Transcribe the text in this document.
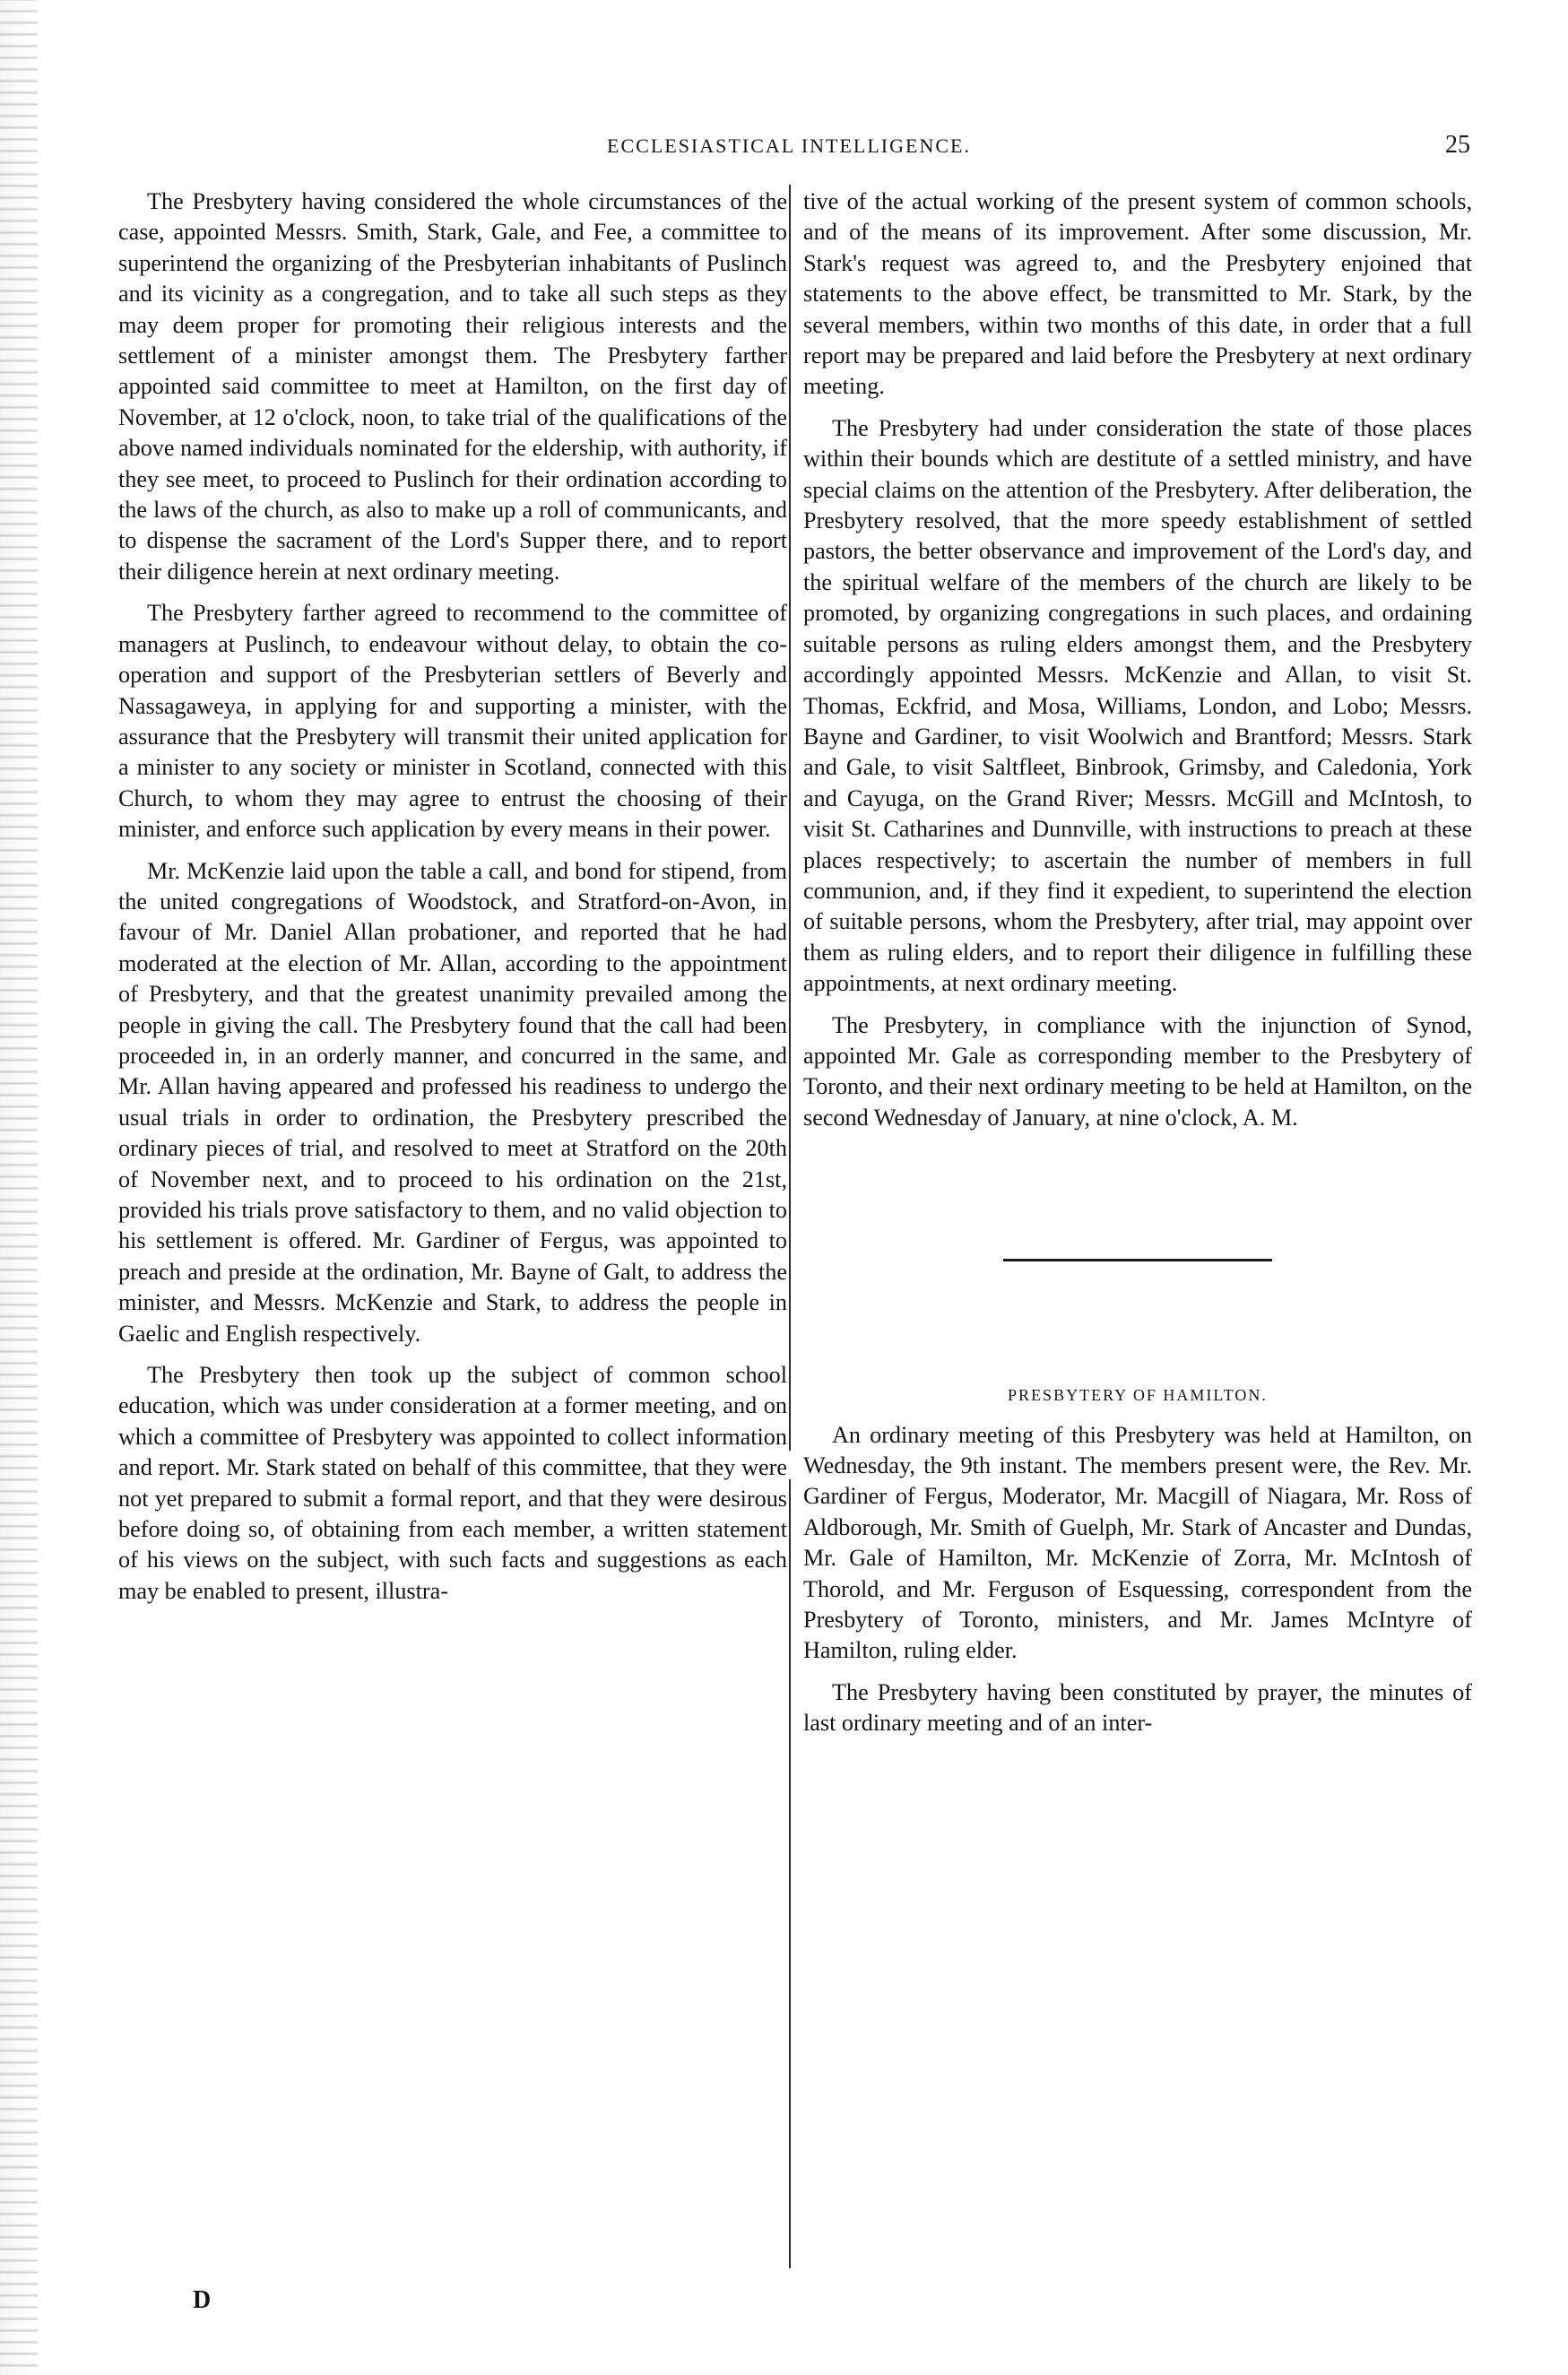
ECCLESIASTICAL INTELLIGENCE.	25

The Presbytery having considered the whole circumstances of the case, appointed Messrs. Smith, Stark, Gale, and Fee, a committee to superintend the organizing of the Presbyterian inhabitants of Puslinch and its vicinity as a congregation, and to take all such steps as they may deem proper for promoting their religious interests and the settlement of a minister amongst them. The Presbytery farther appointed said committee to meet at Hamilton, on the first day of November, at 12 o'clock, noon, to take trial of the qualifications of the above named individuals nominated for the eldership, with authority, if they see meet, to proceed to Puslinch for their ordination according to the laws of the church, as also to make up a roll of communicants, and to dispense the sacrament of the Lord's Supper there, and to report their diligence herein at next ordinary meeting.

The Presbytery farther agreed to recommend to the committee of managers at Puslinch, to endeavour without delay, to obtain the co-operation and support of the Presbyterian settlers of Beverly and Nassagaweya, in applying for and supporting a minister, with the assurance that the Presbytery will transmit their united application for a minister to any society or minister in Scotland, connected with this Church, to whom they may agree to entrust the choosing of their minister, and enforce such application by every means in their power.

Mr. McKenzie laid upon the table a call, and bond for stipend, from the united congregations of Woodstock, and Stratford-on-Avon, in favour of Mr. Daniel Allan probationer, and reported that he had moderated at the election of Mr. Allan, according to the appointment of Presbytery, and that the greatest unanimity prevailed among the people in giving the call. The Presbytery found that the call had been proceeded in, in an orderly manner, and concurred in the same, and Mr. Allan having appeared and professed his readiness to undergo the usual trials in order to ordination, the Presbytery prescribed the ordinary pieces of trial, and resolved to meet at Stratford on the 20th of November next, and to proceed to his ordination on the 21st, provided his trials prove satisfactory to them, and no valid objection to his settlement is offered. Mr. Gardiner of Fergus, was appointed to preach and preside at the ordination, Mr. Bayne of Galt, to address the minister, and Messrs. McKenzie and Stark, to address the people in Gaelic and English respectively.

The Presbytery then took up the subject of common school education, which was under consideration at a former meeting, and on which a committee of Presbytery was appointed to collect information and report. Mr. Stark stated on behalf of this committee, that they were not yet prepared to submit a formal report, and that they were desirous before doing so, of obtaining from each member, a written statement of his views on the subject, with such facts and suggestions as each may be enabled to present, illustra-

tive of the actual working of the present system of common schools, and of the means of its improvement. After some discussion, Mr. Stark's request was agreed to, and the Presbytery enjoined that statements to the above effect, be transmitted to Mr. Stark, by the several members, within two months of this date, in order that a full report may be prepared and laid before the Presbytery at next ordinary meeting.

The Presbytery had under consideration the state of those places within their bounds which are destitute of a settled ministry, and have special claims on the attention of the Presbytery. After deliberation, the Presbytery resolved, that the more speedy establishment of settled pastors, the better observance and improvement of the Lord's day, and the spiritual welfare of the members of the church are likely to be promoted, by organizing congregations in such places, and ordaining suitable persons as ruling elders amongst them, and the Presbytery accordingly appointed Messrs. McKenzie and Allan, to visit St. Thomas, Eckfrid, and Mosa, Williams, London, and Lobo; Messrs. Bayne and Gardiner, to visit Woolwich and Brantford; Messrs. Stark and Gale, to visit Saltfleet, Binbrook, Grimsby, and Caledonia, York and Cayuga, on the Grand River; Messrs. McGill and McIntosh, to visit St. Catharines and Dunnville, with instructions to preach at these places respectively; to ascertain the number of members in full communion, and, if they find it expedient, to superintend the election of suitable persons, whom the Presbytery, after trial, may appoint over them as ruling elders, and to report their diligence in fulfilling these appointments, at next ordinary meeting.

The Presbytery, in compliance with the injunction of Synod, appointed Mr. Gale as corresponding member to the Presbytery of Toronto, and their next ordinary meeting to be held at Hamilton, on the second Wednesday of January, at nine o'clock, A. M.

PRESBYTERY OF HAMILTON.

An ordinary meeting of this Presbytery was held at Hamilton, on Wednesday, the 9th instant. The members present were, the Rev. Mr. Gardiner of Fergus, Moderator, Mr. Macgill of Niagara, Mr. Ross of Aldborough, Mr. Smith of Guelph, Mr. Stark of Ancaster and Dundas, Mr. Gale of Hamilton, Mr. McKenzie of Zorra, Mr. McIntosh of Thorold, and Mr. Ferguson of Esquessing, correspondent from the Presbytery of Toronto, ministers, and Mr. James McIntyre of Hamilton, ruling elder.

The Presbytery having been constituted by prayer, the minutes of last ordinary meeting and of an inter-

D
